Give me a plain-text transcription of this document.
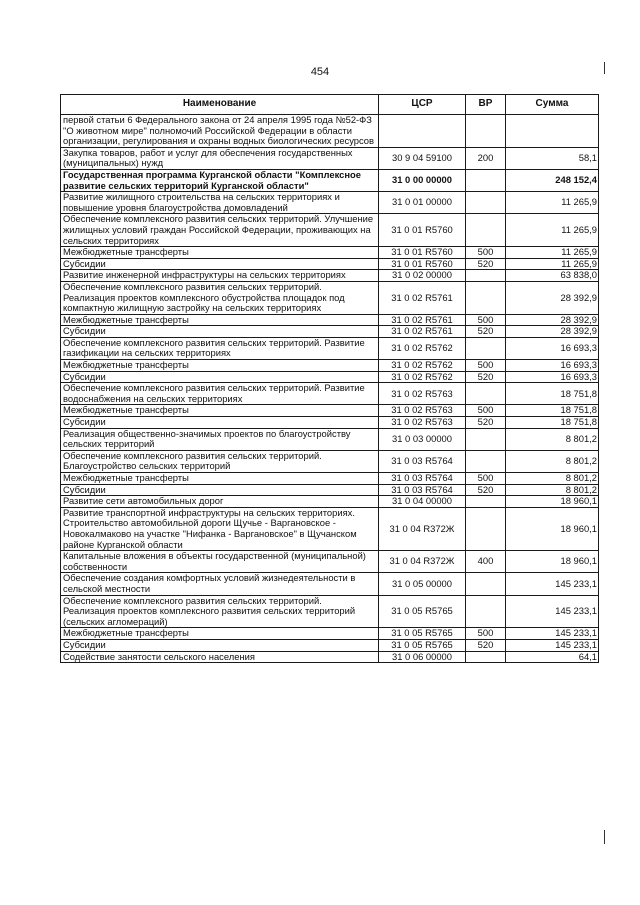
454
Наименование	ЦСР	ВР	Сумма
первой статьи 6 Федерального закона от 24 апреля 1995 года №52-ФЗ "О животном мире" полномочий Российской Федерации в области организации, регулирования и охраны водных биологических ресурсов			
Закупка товаров, работ и услуг для обеспечения государственных (муниципальных) нужд	30 9 04 59100	200	58,1
Государственная программа Курганской области "Комплексное развитие сельских территорий Курганской области"	31 0 00 00000		248 152,4
Развитие жилищного строительства на сельских территориях и повышение уровня благоустройства домовладений	31 0 01 00000		11 265,9
Обеспечение комплексного развития сельских территорий. Улучшение жилищных условий граждан Российской Федерации, проживающих на сельских территориях	31 0 01 R5760		11 265,9
Межбюджетные трансферты	31 0 01 R5760	500	11 265,9
Субсидии	31 0 01 R5760	520	11 265,9
Развитие инженерной инфраструктуры на сельских территориях	31 0 02 00000		63 838,0
Обеспечение комплексного развития сельских территорий. Реализация проектов комплексного обустройства площадок под компактную жилищную застройку на сельских территориях	31 0 02 R5761		28 392,9
Межбюджетные трансферты	31 0 02 R5761	500	28 392,9
Субсидии	31 0 02 R5761	520	28 392,9
Обеспечение комплексного развития сельских территорий. Развитие газификации на сельских территориях	31 0 02 R5762		16 693,3
Межбюджетные трансферты	31 0 02 R5762	500	16 693,3
Субсидии	31 0 02 R5762	520	16 693,3
Обеспечение комплексного развития сельских территорий. Развитие водоснабжения на сельских территориях	31 0 02 R5763		18 751,8
Межбюджетные трансферты	31 0 02 R5763	500	18 751,8
Субсидии	31 0 02 R5763	520	18 751,8
Реализация общественно-значимых проектов по благоустройству сельских территорий	31 0 03 00000		8 801,2
Обеспечение комплексного развития сельских территорий. Благоустройство сельских территорий	31 0 03 R5764		8 801,2
Межбюджетные трансферты	31 0 03 R5764	500	8 801,2
Субсидии	31 0 03 R5764	520	8 801,2
Развитие сети автомобильных дорог	31 0 04 00000		18 960,1
Развитие транспортной инфраструктуры на сельских территориях. Строительство автомобильной дороги Щучье - Варгановское - Новокалмаково на участке "Нифанка - Варгановское" в Щучанском районе Курганской области	31 0 04 R372Ж		18 960,1
Капитальные вложения в объекты государственной (муниципальной) собственности	31 0 04 R372Ж	400	18 960,1
Обеспечение создания комфортных условий жизнедеятельности в сельской местности	31 0 05 00000		145 233,1
Обеспечение комплексного развития сельских территорий. Реализация проектов комплексного развития сельских территорий (сельских агломераций)	31 0 05 R5765		145 233,1
Межбюджетные трансферты	31 0 05 R5765	500	145 233,1
Субсидии	31 0 05 R5765	520	145 233,1
Содействие занятости сельского населения	31 0 06 00000		64,1
